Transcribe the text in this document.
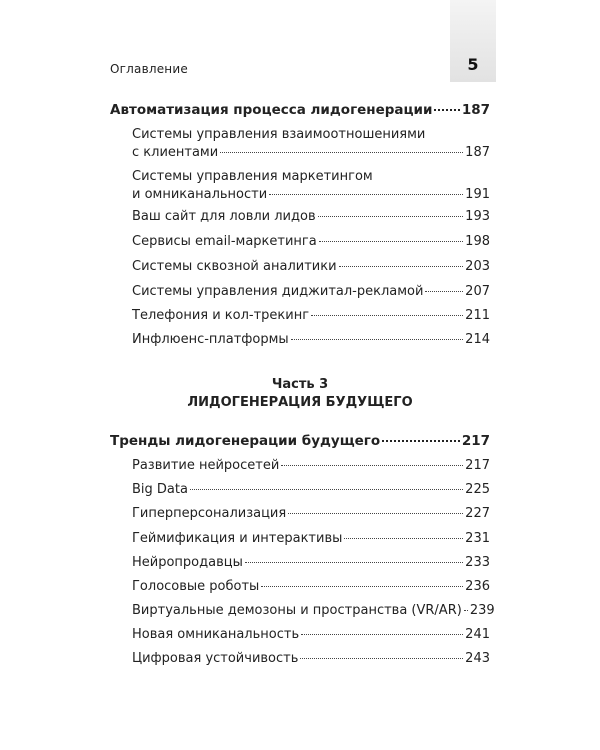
Оглавление	5
Автоматизация процесса лидогенерации 187
Системы управления взаимоотношениями
с клиентами	187
Системы управления маркетингом
и омниканальности	191
Ваш сайт для ловли лидов	193
Сервисы email-маркетинга	198
Системы сквозной аналитики	203
Системы управления диджитал-рекламой	207
Телефония и кол-трекинг	211
Инфлюенс-платформы	214
Часть 3
ЛИДОГЕНЕРАЦИЯ БУДУЩЕГО
Тренды лидогенерации будущего	217
Развитие нейросетей	217
Big Data	225
Гиперперсонализация	227
Геймификация и интерактивы	231
Нейропродавцы	233
Голосовые роботы	236
Виртуальные демозоны и пространства (VR/AR) 239
Новая омниканальность	241
Цифровая устойчивость	243
